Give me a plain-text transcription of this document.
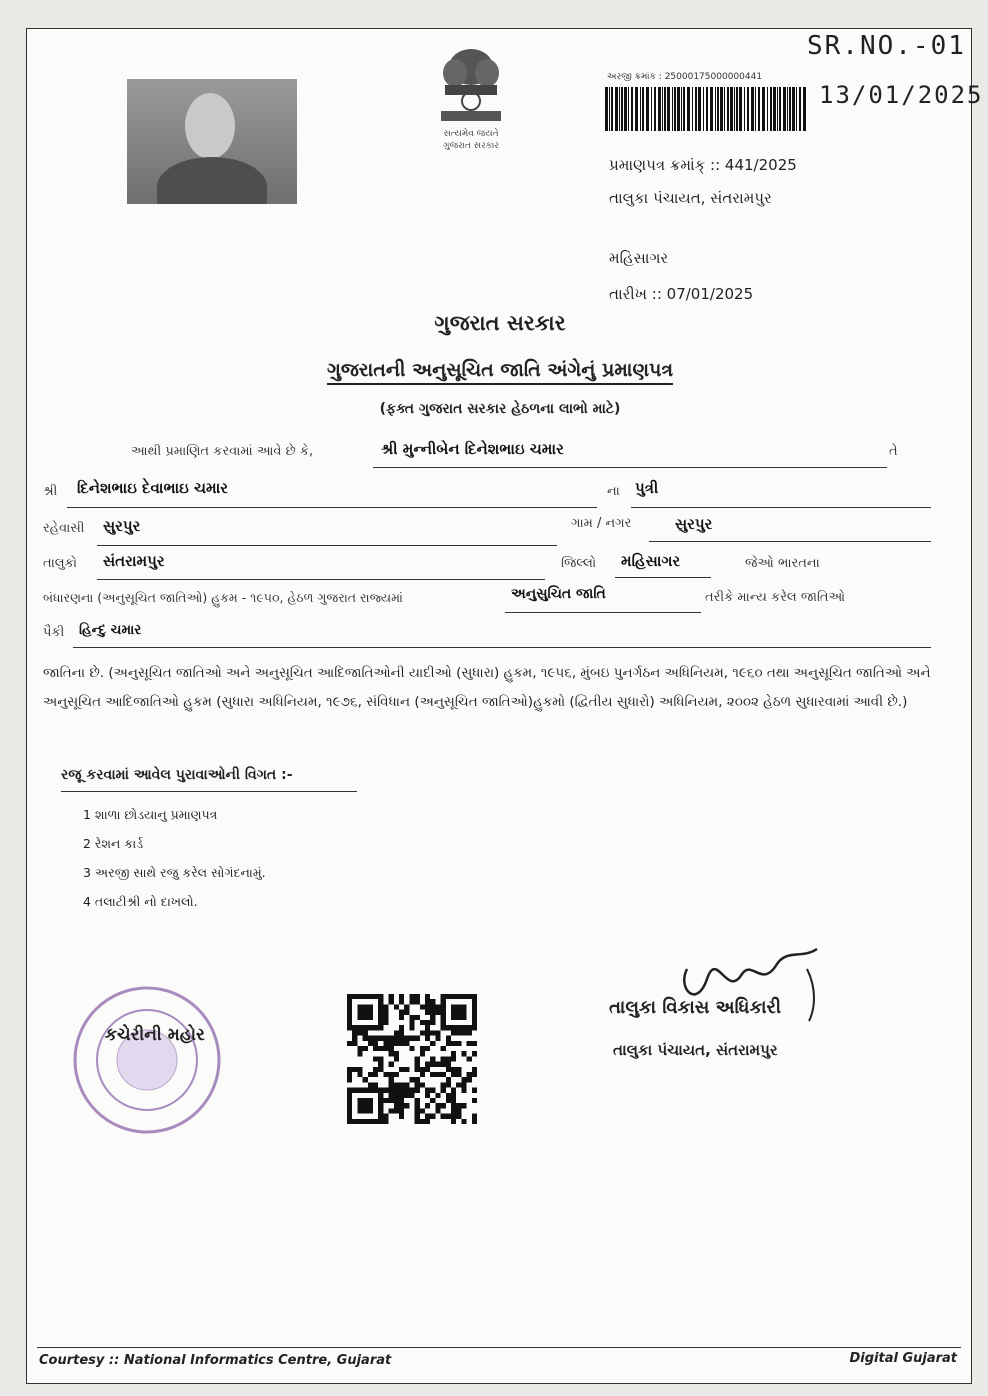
સત્યમેવ જયતે
ગુજરાત સરકાર
SR.NO.-01
13/01/2025
અરજી ક્રમાંક : 25000175000000441
પ્રમાણપત્ર ક્રમાંક્ :: 441/2025
તાલુકા પંચાયત, સંતરામપુર
મહિસાગર
તારીખ :: 07/01/2025
ગુજરાત સરકાર
ગુજરાતની અનુસૂચિત જાતિ અંગેનું પ્રમાણપત્ર
(ફક્ત ગુજરાત સરકાર હેઠળના લાભો માટે)
આથી પ્રમાણિત કરવામાં આવે છે કે,	શ્રી મુન્નીબેન દિનેશભાઇ ચમાર	તે
શ્રી દિનેશભાઇ દેવાભાઇ ચમાર	ના પુત્રી
રહેવાસી સુરપુર	ગામ / નગર	સુરપુર
તાલુકો સંતરામપુર	જિલ્લો મહિસાગર	જેઓ ભારતના
બંધારણના (અનુસૂચિત જાતિઓ) હુકમ - ૧૯૫૦, હેઠળ ગુજરાત રાજ્યમાં	અનુસુચિત જાતિ	તરીકે માન્ય કરેલ જાતિઓ
પૈકી હિન્દુ ચમાર
જાતિના છે. (અનુસૂચિત જાતિઓ અને અનુસૂચિત આદિજાતિઓની યાદીઓ (સુધારા) હુકમ, ૧૯૫૬, મુંબઇ પુનર્ગઠન અધિનિયમ, ૧૯૬૦ તથા અનુસૂચિત જાતિઓ અને અનુસૂચિત આદિજાતિઓ હુકમ (સુધારા અધિનિયમ, ૧૯૭૬, સંવિધાન (અનુસૂચિત જાતિઓ)હુકમો (દ્વિતીય સુધારો) અધિનિયમ, ૨૦૦૨ હેઠળ સુધારવામાં આવી છે.)
રજૂ કરવામાં આવેલ પુરાવાઓની વિગત :-
1 શાળા છોડયાનુ પ્રમાણપત્ર
2 રેશન કાર્ડ
3 અરજી સાથે રજુ કરેલ સોગંદનામું.
4 તલાટીશ્રી નો દાખલો.
કચેરીની મહોર
તાલુકા વિકાસ અધિકારી
તાલુકા પંચાયત, સંતરામપુર
Courtesy :: National Informatics Centre, Gujarat	Digital Gujarat
